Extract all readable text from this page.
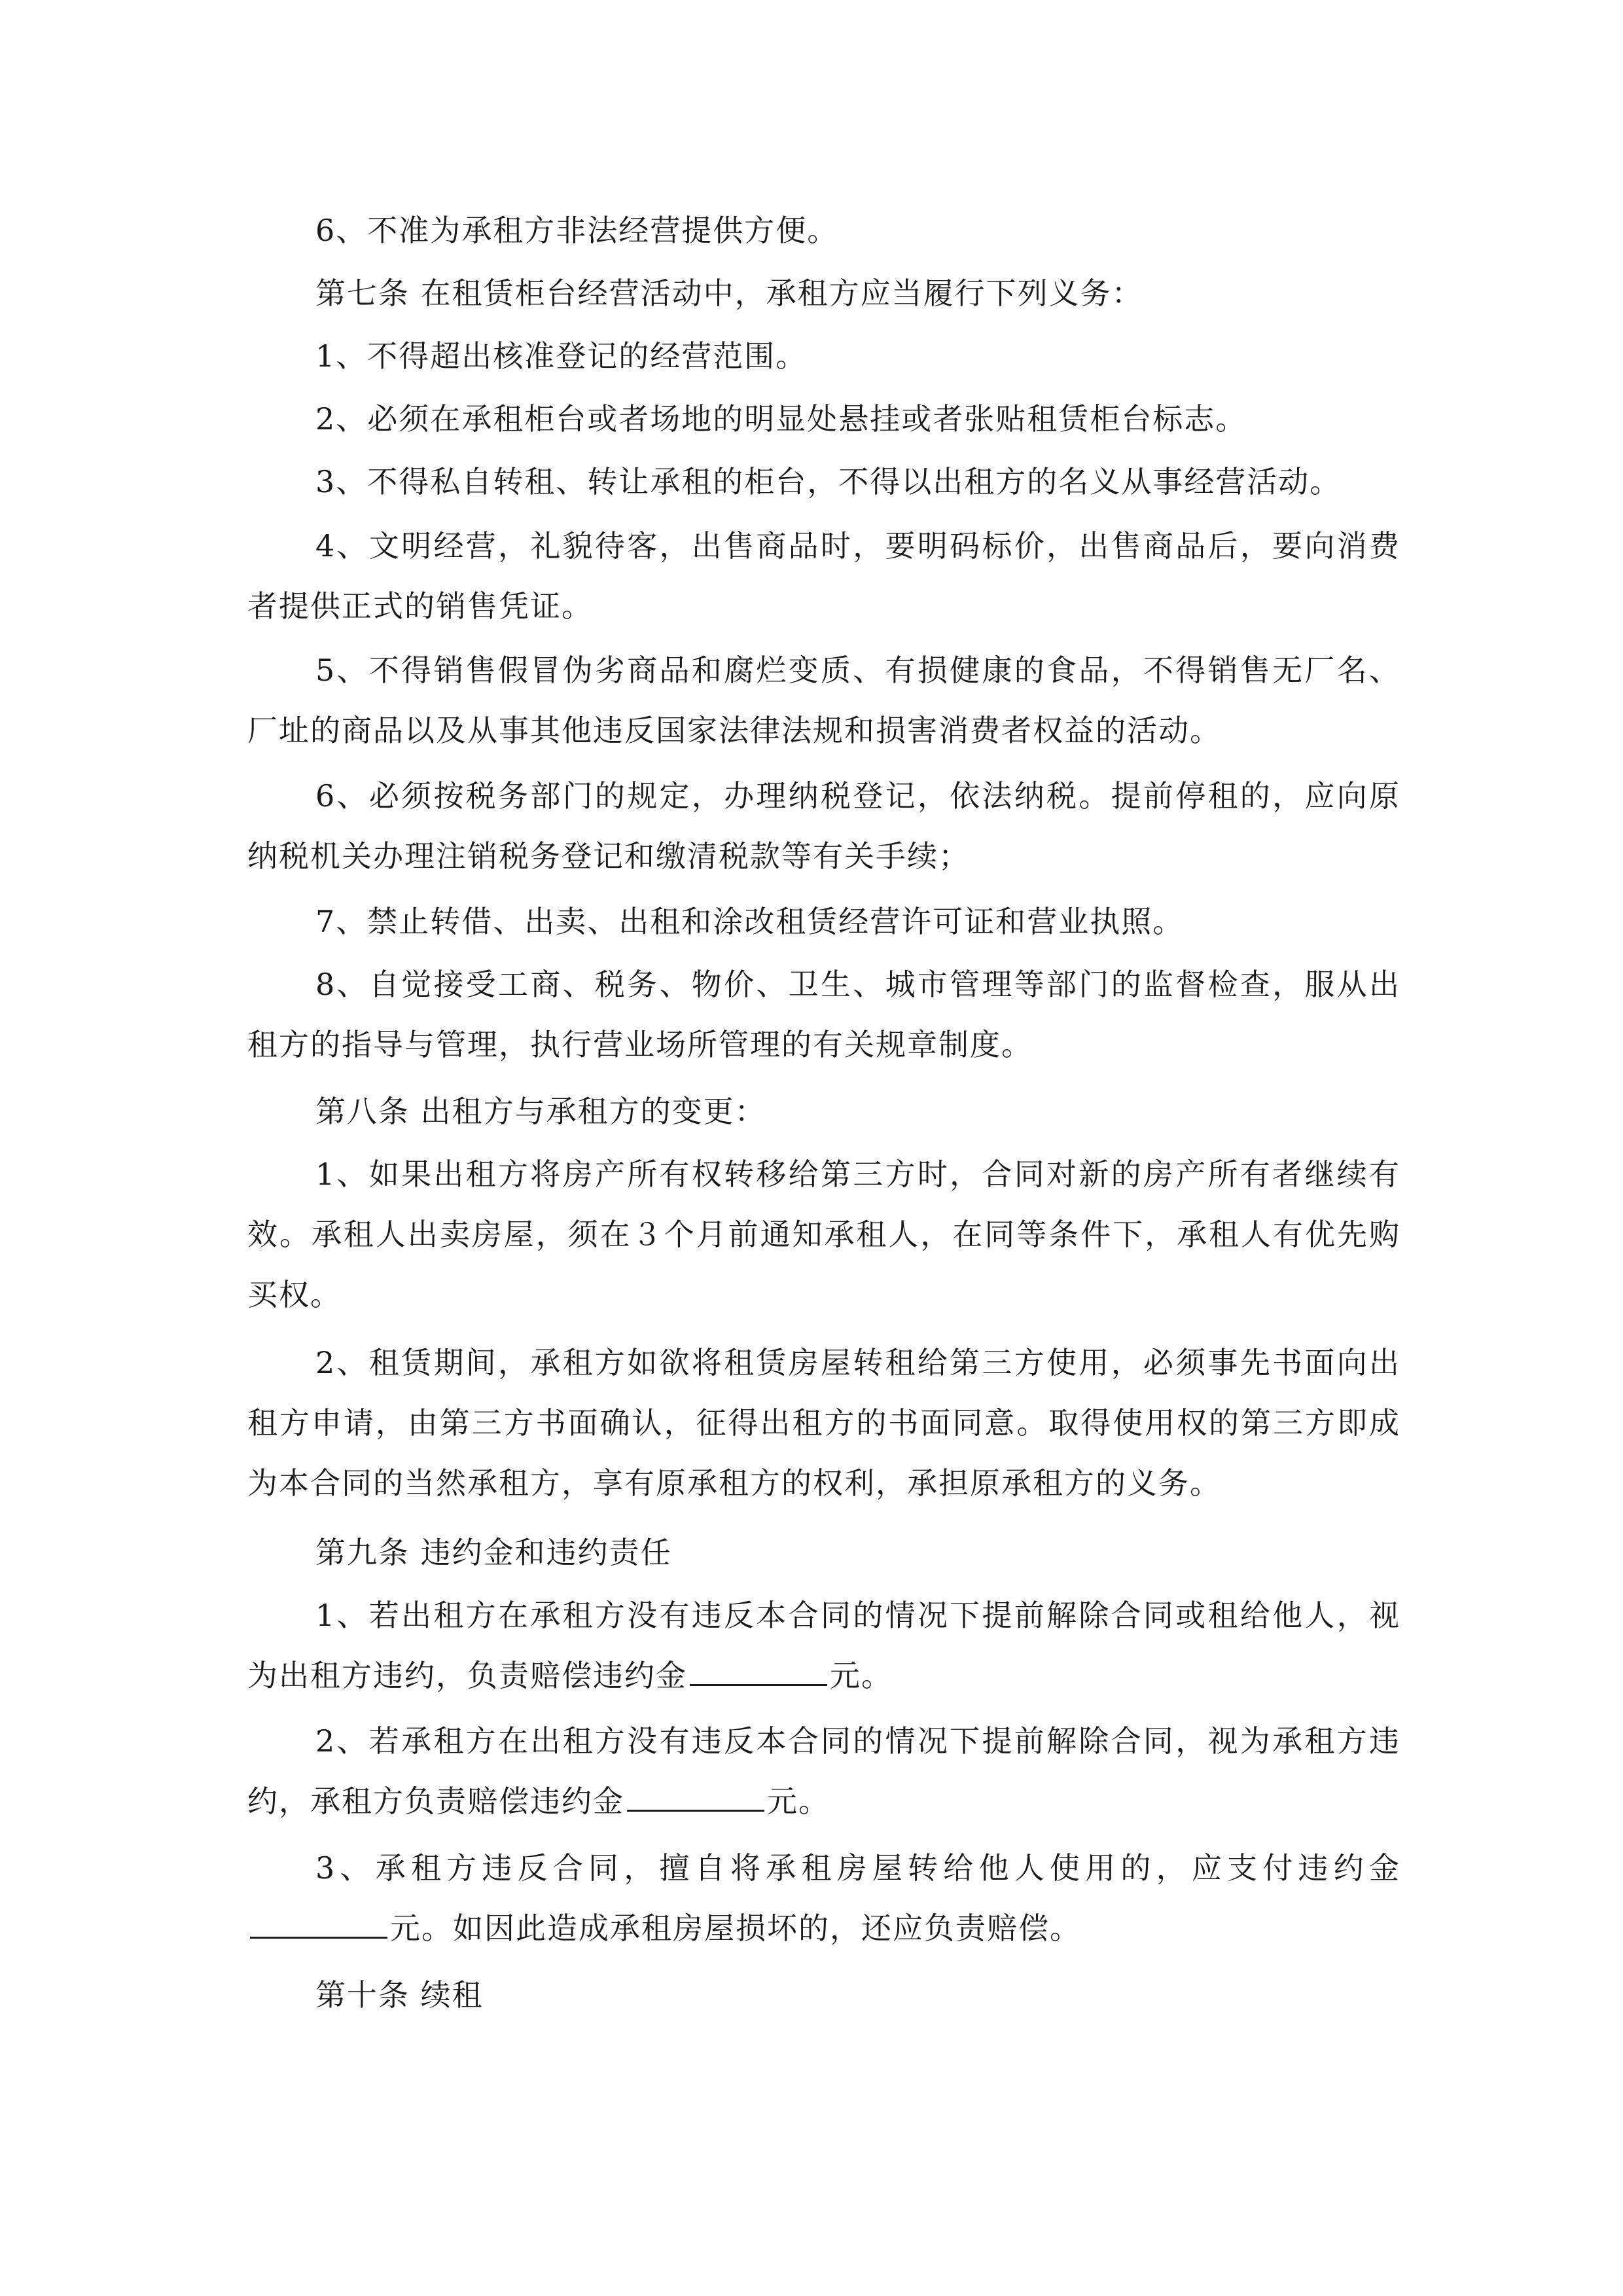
6、不准为承租方非法经营提供方便。

第七条 在租赁柜台经营活动中，承租方应当履行下列义务：

1、不得超出核准登记的经营范围。

2、必须在承租柜台或者场地的明显处悬挂或者张贴租赁柜台标志。

3、不得私自转租、转让承租的柜台，不得以出租方的名义从事经营活动。

4、文明经营，礼貌待客，出售商品时，要明码标价，出售商品后，要向消费者提供正式的销售凭证。

5、不得销售假冒伪劣商品和腐烂变质、有损健康的食品，不得销售无厂名、厂址的商品以及从事其他违反国家法律法规和损害消费者权益的活动。

6、必须按税务部门的规定，办理纳税登记，依法纳税。提前停租的，应向原纳税机关办理注销税务登记和缴清税款等有关手续；

7、禁止转借、出卖、出租和涂改租赁经营许可证和营业执照。

8、自觉接受工商、税务、物价、卫生、城市管理等部门的监督检查，服从出租方的指导与管理，执行营业场所管理的有关规章制度。

第八条 出租方与承租方的变更：

1、如果出租方将房产所有权转移给第三方时，合同对新的房产所有者继续有效。承租人出卖房屋，须在３个月前通知承租人，在同等条件下，承租人有优先购买权。

2、租赁期间，承租方如欲将租赁房屋转租给第三方使用，必须事先书面向出租方申请，由第三方书面确认，征得出租方的书面同意。取得使用权的第三方即成为本合同的当然承租方，享有原承租方的权利，承担原承租方的义务。

第九条 违约金和违约责任

1、若出租方在承租方没有违反本合同的情况下提前解除合同或租给他人，视为出租方违约，负责赔偿违约金	元。

2、若承租方在出租方没有违反本合同的情况下提前解除合同，视为承租方违约，承租方负责赔偿违约金	元。

3、承租方违反合同，擅自将承租房屋转给他人使用的，应支付违约金元。如因此造成承租房屋损坏的，还应负责赔偿。

第十条 续租
